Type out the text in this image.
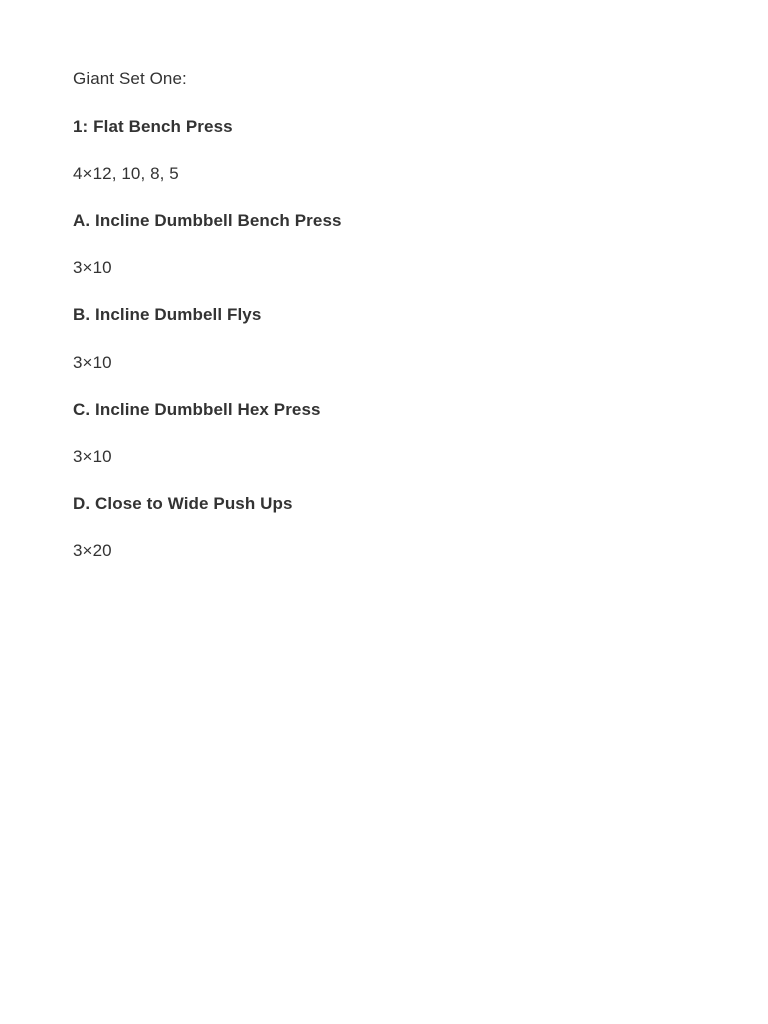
Giant Set One:
1: Flat Bench Press
4×12, 10, 8, 5
A. Incline Dumbbell Bench Press
3×10
B. Incline Dumbell Flys
3×10
C. Incline Dumbbell Hex Press
3×10
D. Close to Wide Push Ups
3×20
